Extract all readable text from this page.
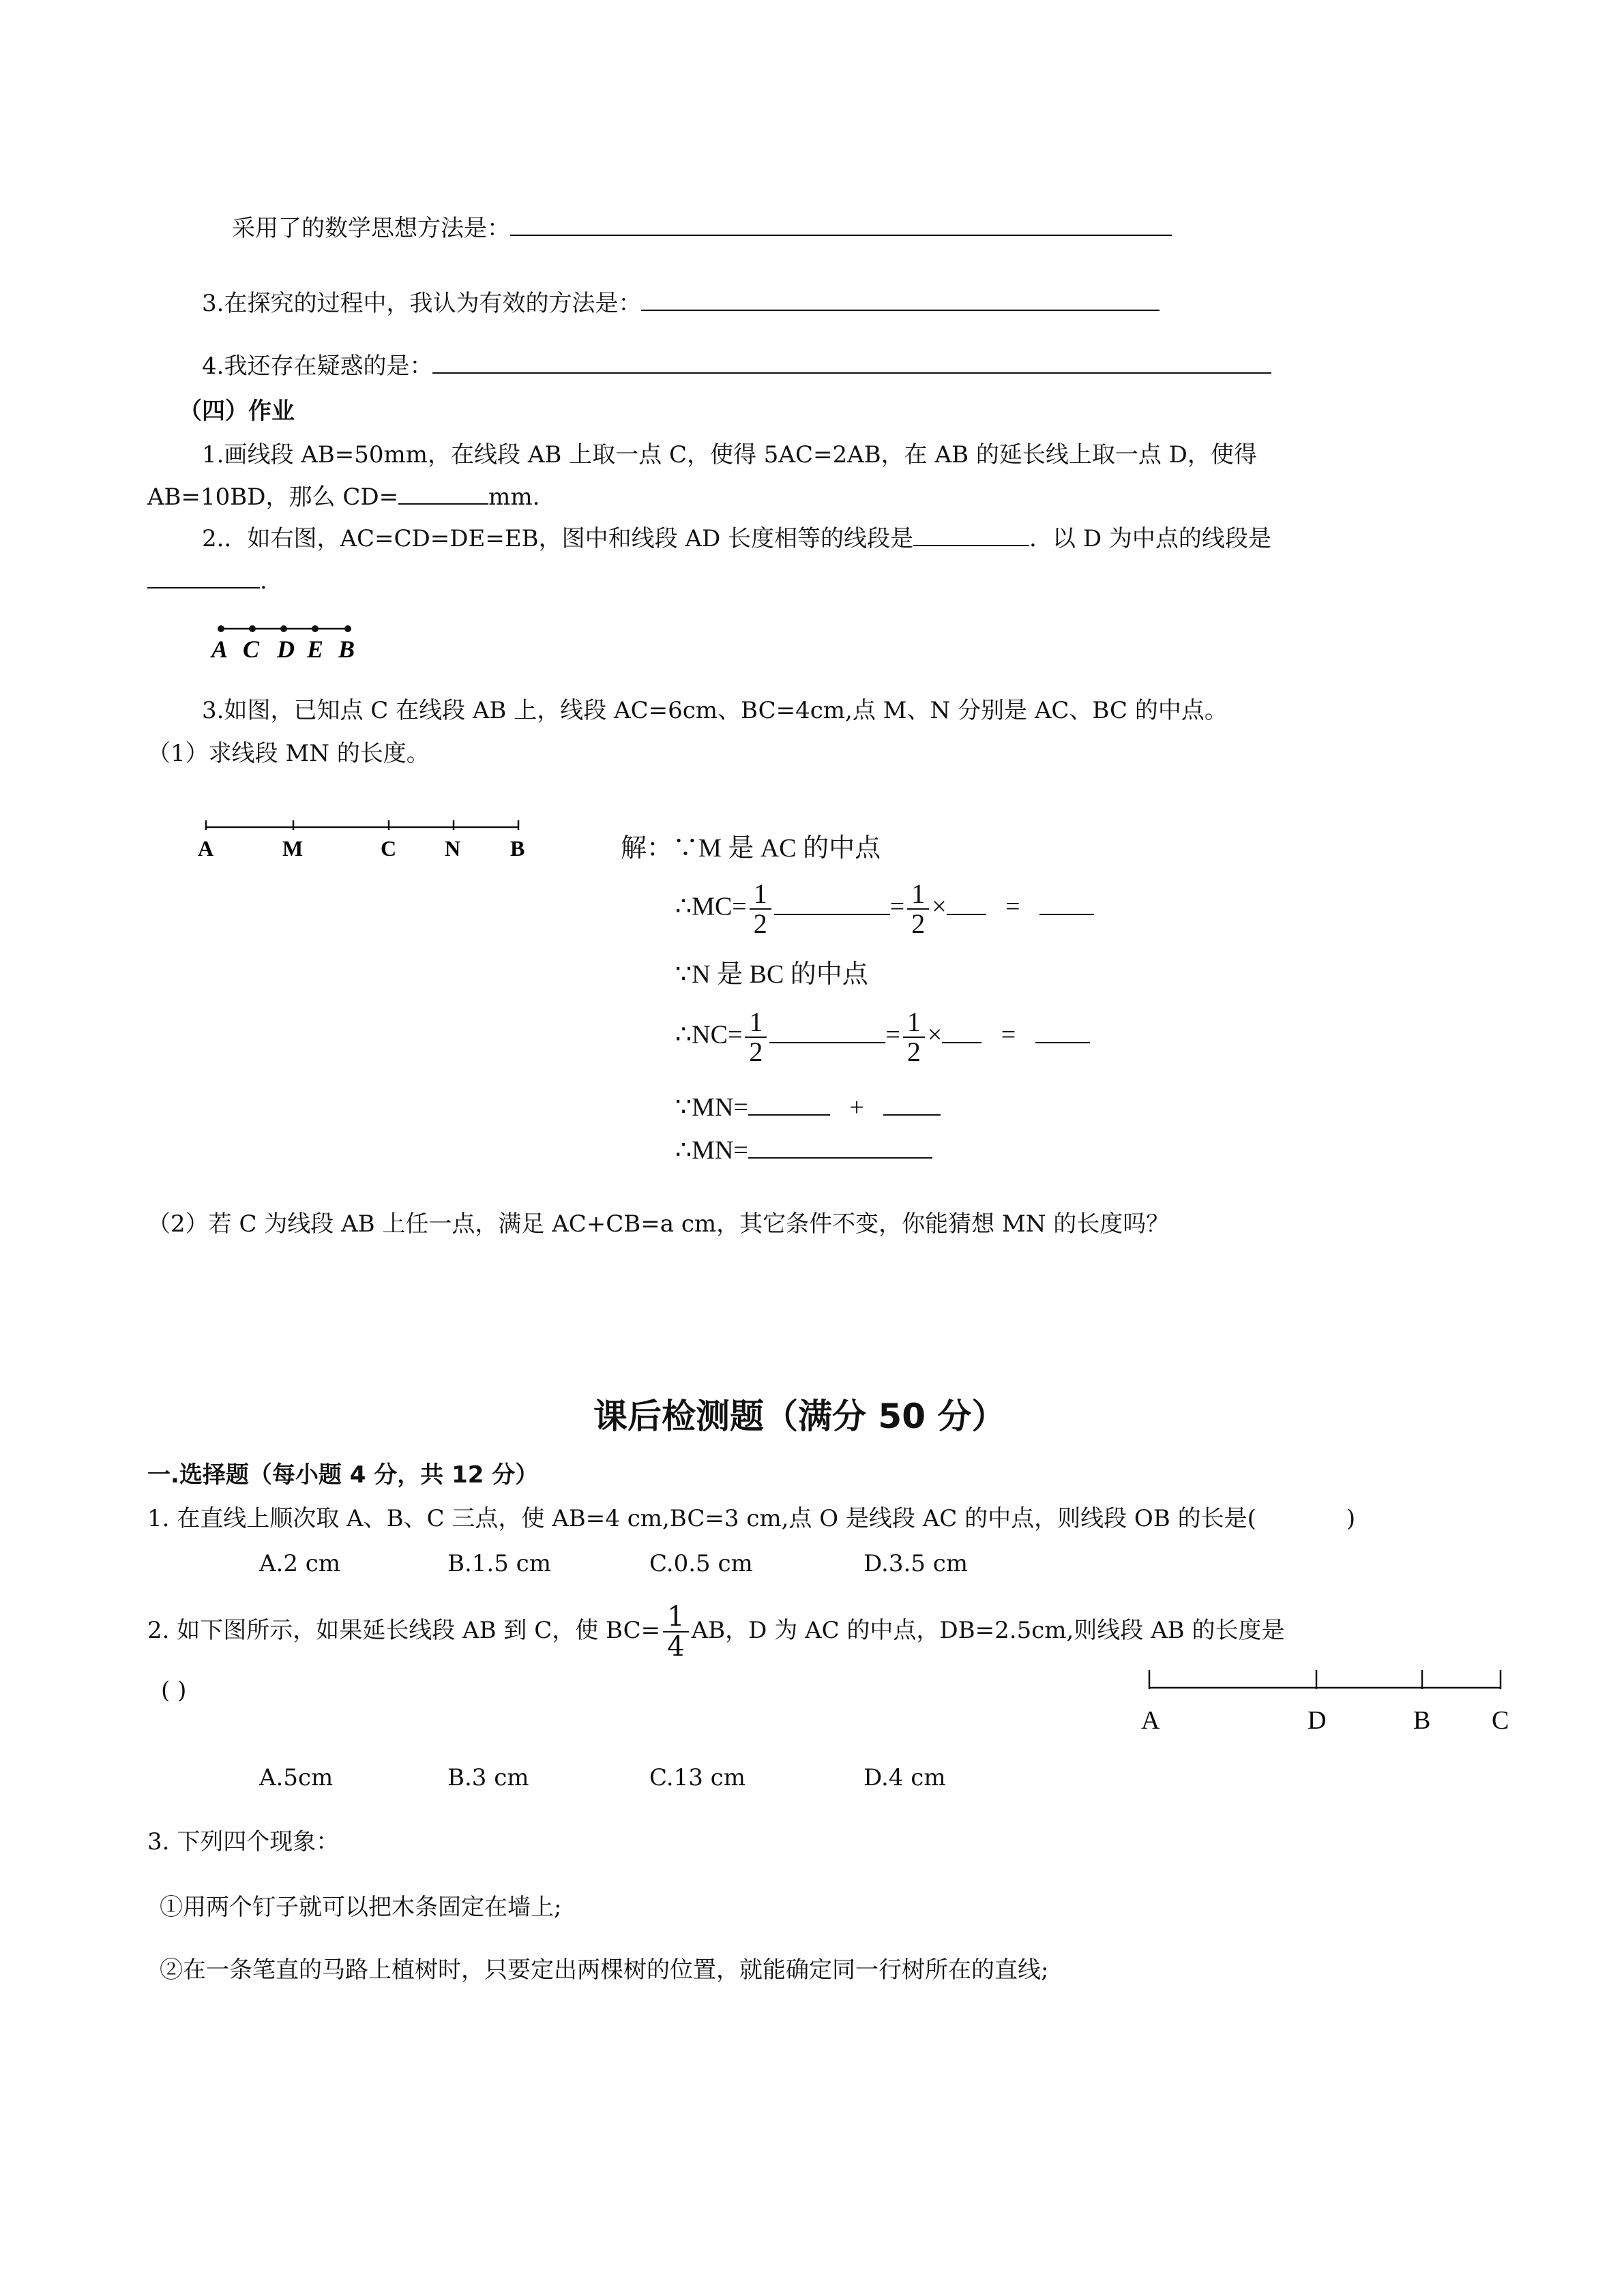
采用了的数学思想方法是：
3.在探究的过程中，我认为有效的方法是：
4.我还存在疑惑的是：
（四）作业
1.画线段 AB=50mm，在线段 AB 上取一点 C，使得 5AC=2AB，在 AB 的延长线上取一点 D，使得
AB=10BD，那么 CD=	mm.
2.．如右图，AC=CD=DE=EB，图中和线段 AD 长度相等的线段是	．以 D 为中点的线段是
.
A C D E B
3.如图，已知点 C 在线段 AB 上，线段 AC=6cm、BC=4cm,点 M、N 分别是 AC、BC 的中点。
（1）求线段 MN 的长度。
A	M	C N B	解：∵M 是 AC 的中点
∴MC= $\frac{1}{2}$	= $\frac{1}{2}$ × =
∵N 是 BC 的中点
∴NC= $\frac{1}{2}$	= $\frac{1}{2}$ × =
∵MN=	+
∴MN=
（2）若 C 为线段 AB 上任一点，满足 AC+CB=a cm，其它条件不变，你能猜想 MN 的长度吗？
课后检测题（满分 50 分）
一.选择题（每小题 4 分，共 12 分）
1. 在直线上顺次取 A、B、C 三点，使 AB=4 cm,BC=3 cm,点 O 是线段 AC 的中点，则线段 OB 的长是(	)
A.2 cm	B.1.5 cm	C.0.5 cm	D.3.5 cm
2. 如下图所示，如果延长线段 AB 到 C，使 $BC= \frac{1}{4}$ AB，D 为 AC 的中点，DB=2.5cm,则线段 AB 的长度是
( )
A	D	B C
A.5cm	B.3 cm	C.13 cm	D.4 cm
3. 下列四个现象：
①用两个钉子就可以把木条固定在墙上;
②在一条笔直的马路上植树时，只要定出两棵树的位置，就能确定同一行树所在的直线;
